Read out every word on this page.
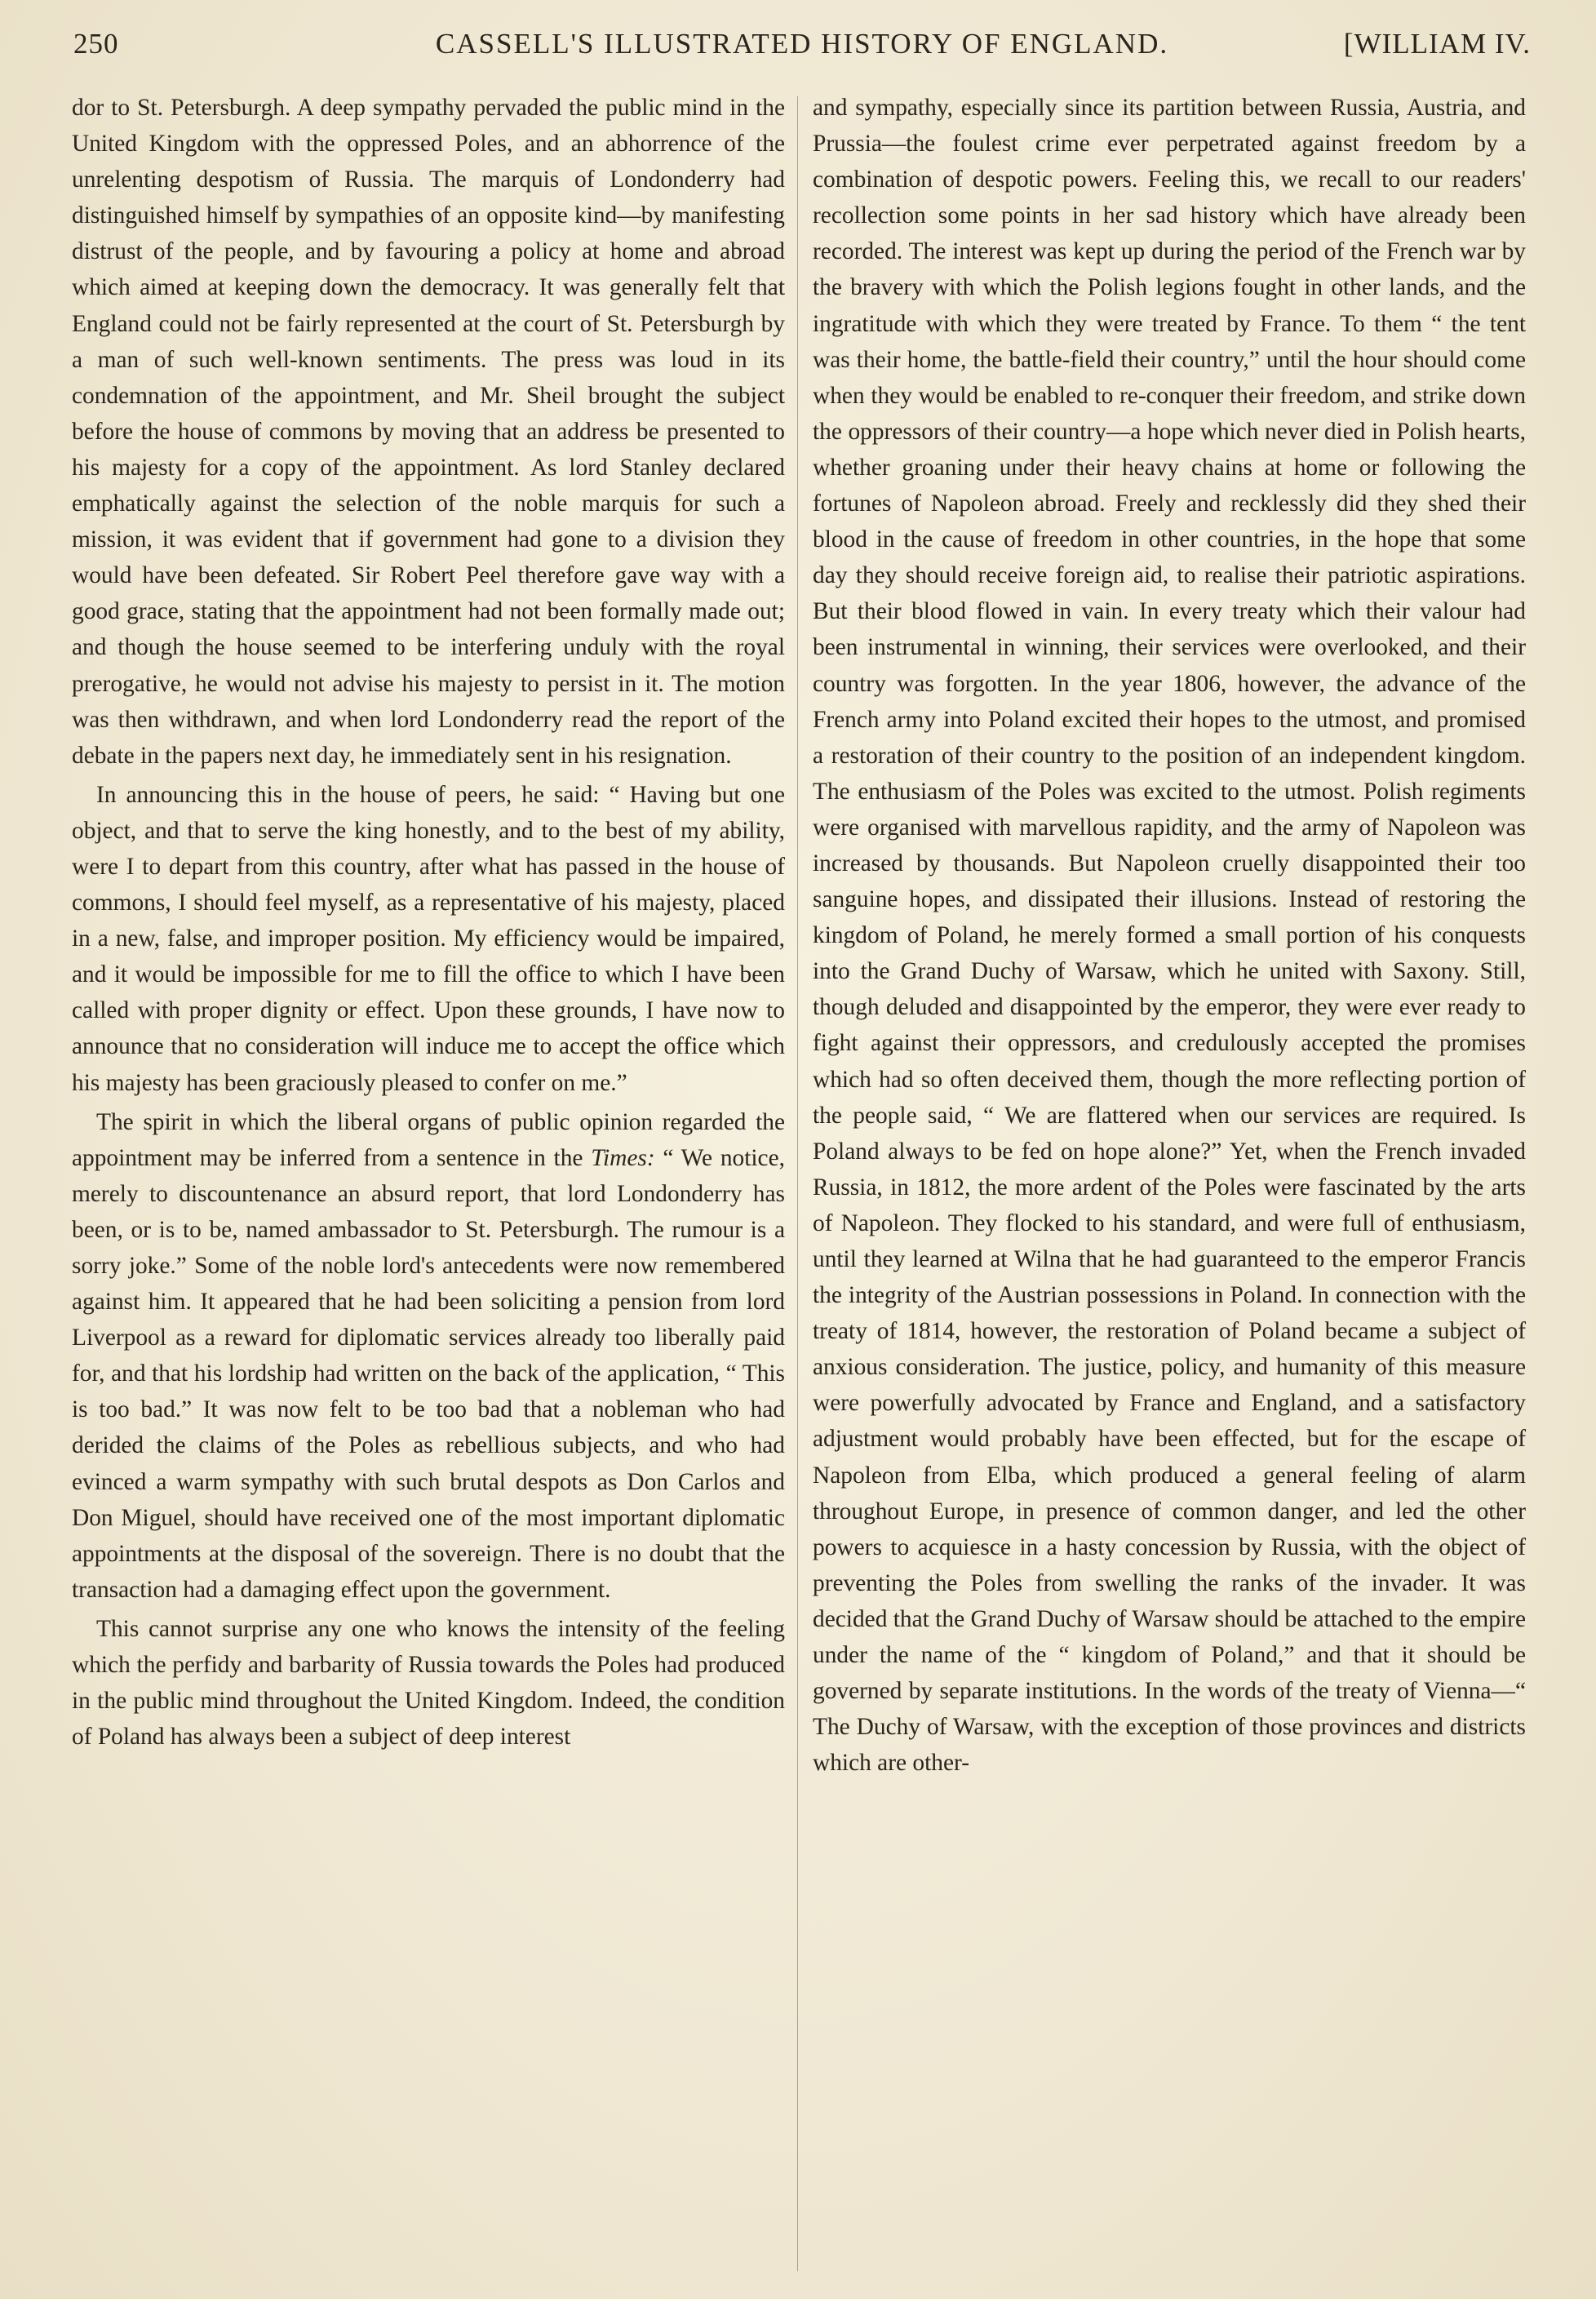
250	CASSELL'S ILLUSTRATED HISTORY OF ENGLAND.	[WILLIAM IV.

dor to St. Petersburgh. A deep sympathy pervaded the public mind in the United Kingdom with the oppressed Poles, and an abhorrence of the unrelenting despotism of Russia. The marquis of Londonderry had distinguished himself by sympathies of an opposite kind—by manifesting distrust of the people, and by favouring a policy at home and abroad which aimed at keeping down the democracy. It was generally felt that England could not be fairly represented at the court of St. Petersburgh by a man of such well-known sentiments. The press was loud in its condemnation of the appointment, and Mr. Sheil brought the subject before the house of commons by moving that an address be presented to his majesty for a copy of the appointment. As lord Stanley declared emphatically against the selection of the noble marquis for such a mission, it was evident that if government had gone to a division they would have been defeated. Sir Robert Peel therefore gave way with a good grace, stating that the appointment had not been formally made out; and though the house seemed to be interfering unduly with the royal prerogative, he would not advise his majesty to persist in it. The motion was then withdrawn, and when lord Londonderry read the report of the debate in the papers next day, he immediately sent in his resignation.

In announcing this in the house of peers, he said: “ Having but one object, and that to serve the king honestly, and to the best of my ability, were I to depart from this country, after what has passed in the house of commons, I should feel myself, as a representative of his majesty, placed in a new, false, and improper position. My efficiency would be impaired, and it would be impossible for me to fill the office to which I have been called with proper dignity or effect. Upon these grounds, I have now to announce that no consideration will induce me to accept the office which his majesty has been graciously pleased to confer on me.”

The spirit in which the liberal organs of public opinion regarded the appointment may be inferred from a sentence in the Times: “ We notice, merely to discountenance an absurd report, that lord Londonderry has been, or is to be, named ambassador to St. Petersburgh. The rumour is a sorry joke.” Some of the noble lord's antecedents were now remembered against him. It appeared that he had been soliciting a pension from lord Liverpool as a reward for diplomatic services already too liberally paid for, and that his lordship had written on the back of the application, “ This is too bad.” It was now felt to be too bad that a nobleman who had derided the claims of the Poles as rebellious subjects, and who had evinced a warm sympathy with such brutal despots as Don Carlos and Don Miguel, should have received one of the most important diplomatic appointments at the disposal of the sovereign. There is no doubt that the transaction had a damaging effect upon the government.

This cannot surprise any one who knows the intensity of the feeling which the perfidy and barbarity of Russia towards the Poles had produced in the public mind throughout the United Kingdom. Indeed, the condition of Poland has always been a subject of deep interest

and sympathy, especially since its partition between Russia, Austria, and Prussia—the foulest crime ever perpetrated against freedom by a combination of despotic powers. Feeling this, we recall to our readers' recollection some points in her sad history which have already been recorded. The interest was kept up during the period of the French war by the bravery with which the Polish legions fought in other lands, and the ingratitude with which they were treated by France. To them “ the tent was their home, the battle-field their country,” until the hour should come when they would be enabled to re-conquer their freedom, and strike down the oppressors of their country—a hope which never died in Polish hearts, whether groaning under their heavy chains at home or following the fortunes of Napoleon abroad. Freely and recklessly did they shed their blood in the cause of freedom in other countries, in the hope that some day they should receive foreign aid, to realise their patriotic aspirations. But their blood flowed in vain. In every treaty which their valour had been instrumental in winning, their services were overlooked, and their country was forgotten. In the year 1806, however, the advance of the French army into Poland excited their hopes to the utmost, and promised a restoration of their country to the position of an independent kingdom. The enthusiasm of the Poles was excited to the utmost. Polish regiments were organised with marvellous rapidity, and the army of Napoleon was increased by thousands. But Napoleon cruelly disappointed their too sanguine hopes, and dissipated their illusions. Instead of restoring the kingdom of Poland, he merely formed a small portion of his conquests into the Grand Duchy of Warsaw, which he united with Saxony. Still, though deluded and disappointed by the emperor, they were ever ready to fight against their oppressors, and credulously accepted the promises which had so often deceived them, though the more reflecting portion of the people said, “ We are flattered when our services are required. Is Poland always to be fed on hope alone?” Yet, when the French invaded Russia, in 1812, the more ardent of the Poles were fascinated by the arts of Napoleon. They flocked to his standard, and were full of enthusiasm, until they learned at Wilna that he had guaranteed to the emperor Francis the integrity of the Austrian possessions in Poland. In connection with the treaty of 1814, however, the restoration of Poland became a subject of anxious consideration. The justice, policy, and humanity of this measure were powerfully advocated by France and England, and a satisfactory adjustment would probably have been effected, but for the escape of Napoleon from Elba, which produced a general feeling of alarm throughout Europe, in presence of common danger, and led the other powers to acquiesce in a hasty concession by Russia, with the object of preventing the Poles from swelling the ranks of the invader. It was decided that the Grand Duchy of Warsaw should be attached to the empire under the name of the “ kingdom of Poland,” and that it should be governed by separate institutions. In the words of the treaty of Vienna—“ The Duchy of Warsaw, with the exception of those provinces and districts which are other-
